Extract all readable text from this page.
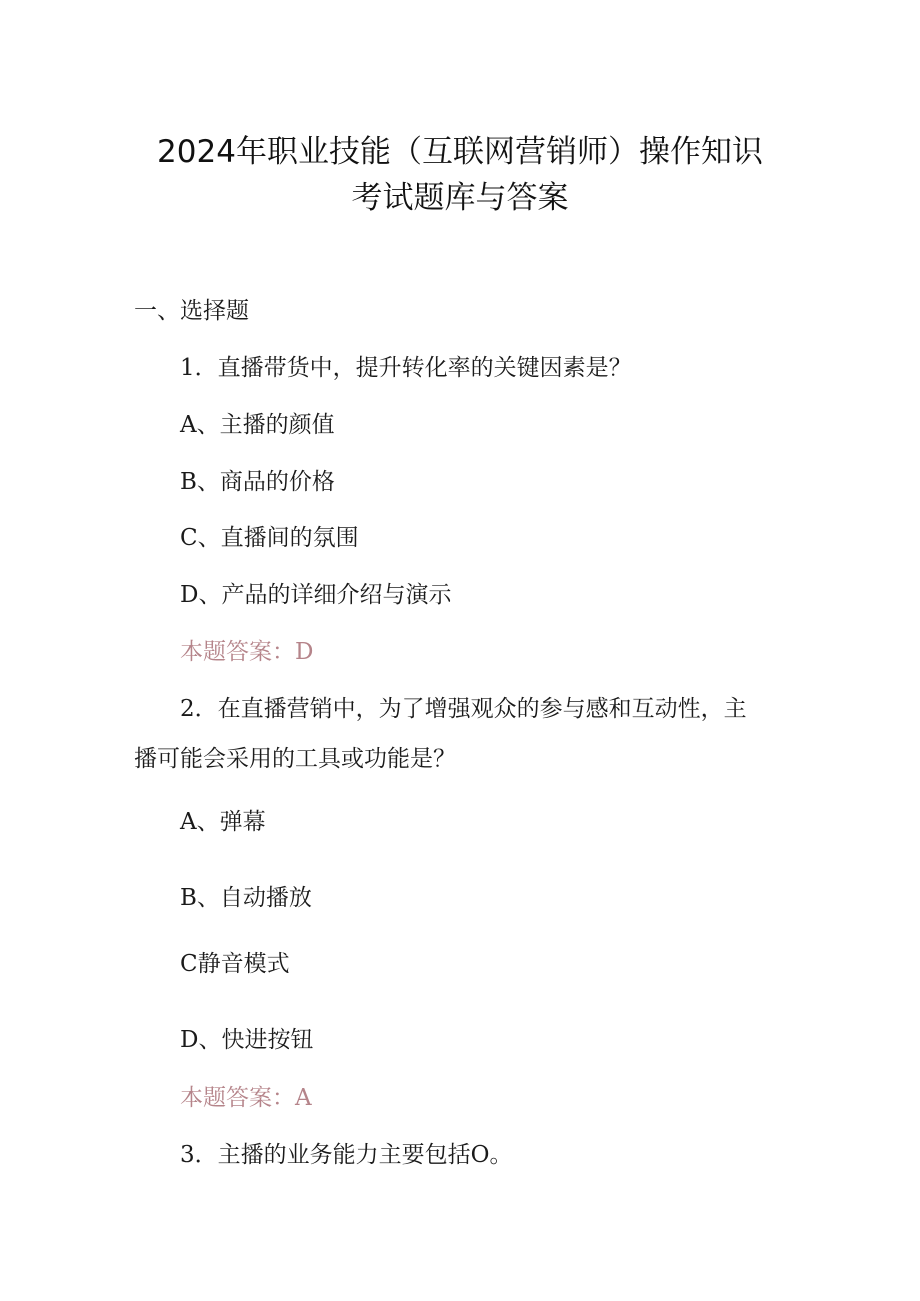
2024年职业技能（互联网营销师）操作知识
考试题库与答案
一、选择题
1．直播带货中，提升转化率的关键因素是？
A、主播的颜值
B、商品的价格
C、直播间的氛围
D、产品的详细介绍与演示
本题答案：D
2．在直播营销中，为了增强观众的参与感和互动性，主
播可能会采用的工具或功能是？
A、弹幕
B、自动播放
C静音模式
D、快进按钮
本题答案：A
3．主播的业务能力主要包括O。
